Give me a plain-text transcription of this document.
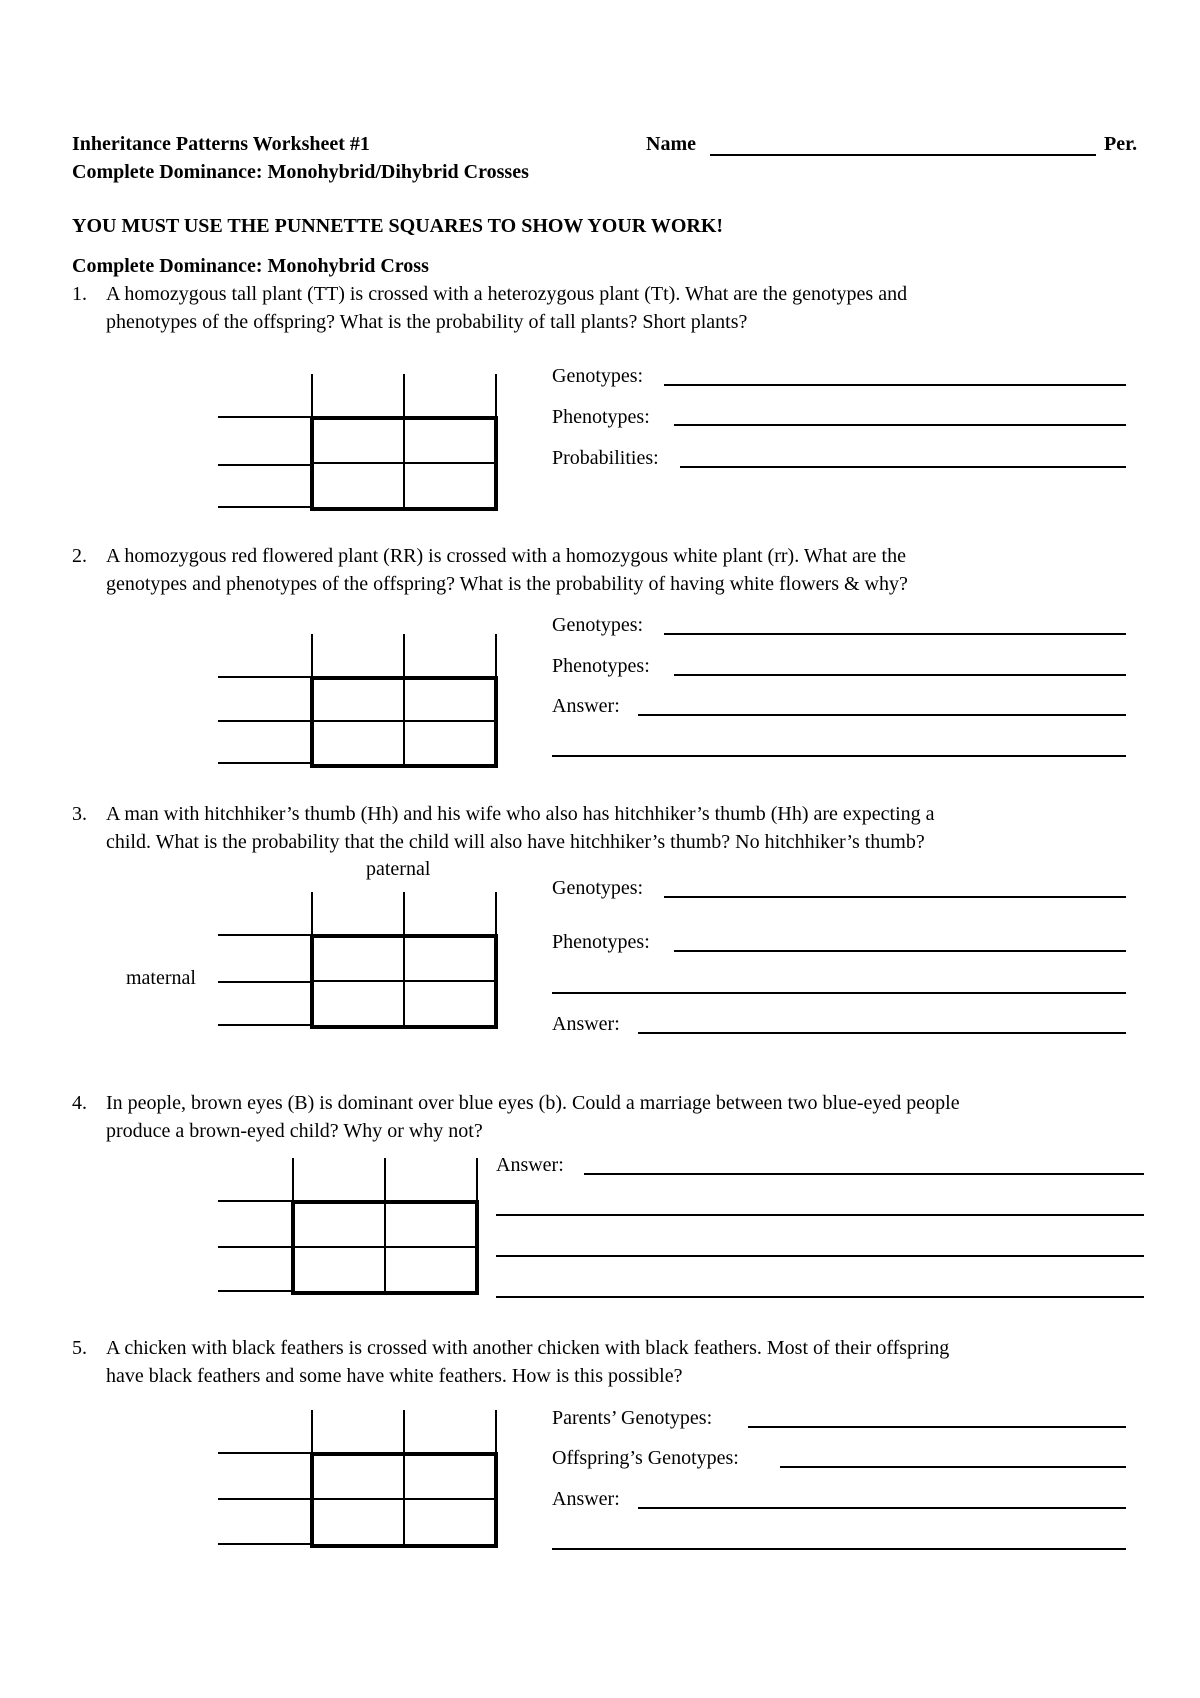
Inheritance Patterns Worksheet #1	Name	Per.
Complete Dominance: Monohybrid/Dihybrid Crosses
YOU MUST USE THE PUNNETTE SQUARES TO SHOW YOUR WORK!
Complete Dominance: Monohybrid Cross
1. A homozygous tall plant (TT) is crossed with a heterozygous plant (Tt). What are the genotypes and
phenotypes of the offspring? What is the probability of tall plants? Short plants?
Genotypes:
Phenotypes:
Probabilities:
2. A homozygous red flowered plant (RR) is crossed with a homozygous white plant (rr). What are the
genotypes and phenotypes of the offspring? What is the probability of having white flowers & why?
Genotypes:
Phenotypes:
Answer:
3. A man with hitchhiker’s thumb (Hh) and his wife who also has hitchhiker’s thumb (Hh) are expecting a
child. What is the probability that the child will also have hitchhiker’s thumb? No hitchhiker’s thumb?
paternal
maternal
Genotypes:
Phenotypes:
Answer:
4. In people, brown eyes (B) is dominant over blue eyes (b). Could a marriage between two blue-eyed people
produce a brown-eyed child? Why or why not?
Answer:
5. A chicken with black feathers is crossed with another chicken with black feathers. Most of their offspring
have black feathers and some have white feathers. How is this possible?
Parents’ Genotypes:
Offspring’s Genotypes:
Answer:
